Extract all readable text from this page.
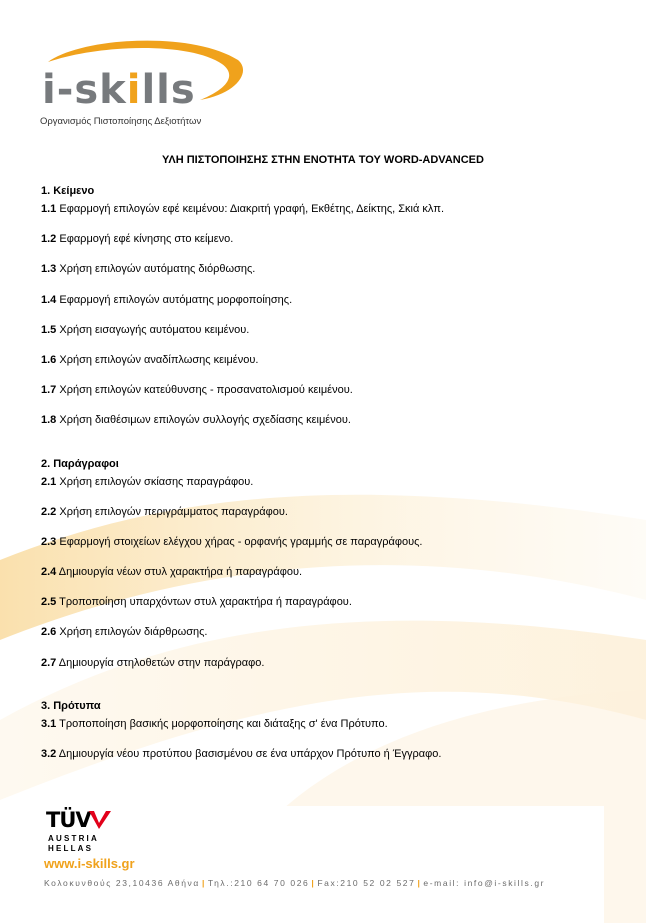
i-skills
Οργανισμός Πιστοποίησης Δεξιοτήτων
ΥΛΗ ΠΙΣΤΟΠΟΙΗΣΗΣ ΣΤΗΝ ΕΝΟΤΗΤΑ ΤΟΥ WORD-ADVANCED
1. Κείμενο
1.1 Εφαρμογή επιλογών εφέ κειμένου: Διακριτή γραφή, Εκθέτης, Δείκτης, Σκιά κλπ.
1.2 Εφαρμογή εφέ κίνησης στο κείμενο.
1.3 Χρήση επιλογών αυτόματης διόρθωσης.
1.4 Εφαρμογή επιλογών αυτόματης μορφοποίησης.
1.5 Χρήση εισαγωγής αυτόματου κειμένου.
1.6 Χρήση επιλογών αναδίπλωσης κειμένου.
1.7 Χρήση επιλογών κατεύθυνσης - προσανατολισμού κειμένου.
1.8 Χρήση διαθέσιμων επιλογών συλλογής σχεδίασης κειμένου.
2. Παράγραφοι
2.1 Χρήση επιλογών σκίασης παραγράφου.
2.2 Χρήση επιλογών περιγράμματος παραγράφου.
2.3 Εφαρμογή στοιχείων ελέγχου χήρας - ορφανής γραμμής σε παραγράφους.
2.4 Δημιουργία νέων στυλ χαρακτήρα ή παραγράφου.
2.5 Τροποποίηση υπαρχόντων στυλ χαρακτήρα ή παραγράφου.
2.6 Χρήση επιλογών διάρθρωσης.
2.7 Δημιουργία στηλοθετών στην παράγραφο.
3. Πρότυπα
3.1 Τροποποίηση βασικής μορφοποίησης και διάταξης σ' ένα Πρότυπο.
3.2 Δημιουργία νέου προτύπου βασισμένου σε ένα υπάρχον Πρότυπο ή Έγγραφο.
TÜV
AUSTRIA
HELLAS
www.i-skills.gr
Κολοκυνθούς 23,10436 Αθήνα | Τηλ.:210 64 70 026 | Fax:210 52 02 527 | e-mail: info@i-skills.gr
